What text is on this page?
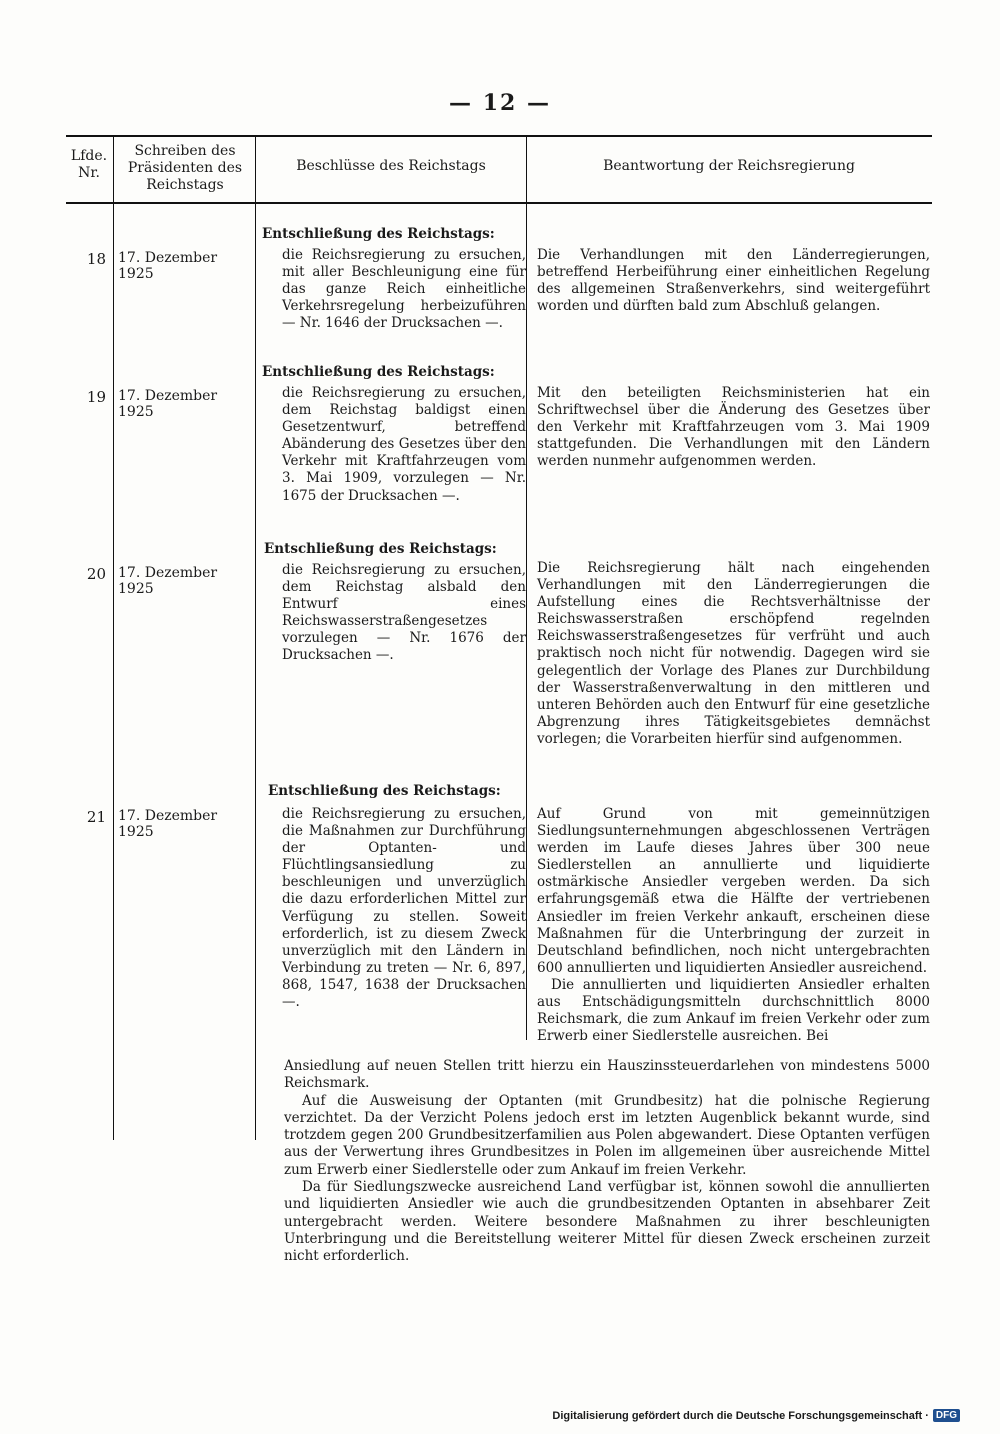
— 12 —
Lfde. Nr.
Schreiben des Präsidenten des Reichstags
Beschlüsse des Reichstags	Beantwortung der Reichsregierung
Entschließung des Reichstags:
18 17. Dezember 1925
die Reichsregierung zu ersuchen, mit aller Beschleunigung eine für das ganze Reich einheitliche Verkehrsregelung herbeizuführen — Nr. 1646 der Drucksachen —.
Die Verhandlungen mit den Länderregierungen, betreffend Herbeiführung einer einheitlichen Regelung des allgemeinen Straßenverkehrs, sind weitergeführt worden und dürften bald zum Abschluß gelangen.
Entschließung des Reichstags:
19 17. Dezember 1925
die Reichsregierung zu ersuchen, dem Reichstag baldigst einen Gesetzentwurf, betreffend Abänderung des Gesetzes über den Verkehr mit Kraftfahrzeugen vom 3. Mai 1909, vorzulegen — Nr. 1675 der Drucksachen —.
Mit den beteiligten Reichsministerien hat ein Schriftwechsel über die Änderung des Gesetzes über den Verkehr mit Kraftfahrzeugen vom 3. Mai 1909 stattgefunden. Die Verhandlungen mit den Ländern werden nunmehr aufgenommen werden.
Entschließung des Reichstags:
20 17. Dezember 1925
die Reichsregierung zu ersuchen, dem Reichstag alsbald den Entwurf eines Reichswasserstraßengesetzes vorzulegen — Nr. 1676 der Drucksachen —.
Die Reichsregierung hält nach eingehenden Verhandlungen mit den Länderregierungen die Aufstellung eines die Rechtsverhältnisse der Reichswasserstraßen erschöpfend regelnden Reichswasserstraßengesetzes für verfrüht und auch praktisch noch nicht für notwendig. Dagegen wird sie gelegentlich der Vorlage des Planes zur Durchbildung der Wasserstraßenverwaltung in den mittleren und unteren Behörden auch den Entwurf für eine gesetzliche Abgrenzung ihres Tätigkeitsgebietes demnächst vorlegen; die Vorarbeiten hierfür sind aufgenommen.
Entschließung des Reichstags:
21 17. Dezember 1925
die Reichsregierung zu ersuchen, die Maßnahmen zur Durchführung der Optanten- und Flüchtlingsansiedlung zu beschleunigen und unverzüglich die dazu erforderlichen Mittel zur Verfügung zu stellen. Soweit erforderlich, ist zu diesem Zweck unverzüglich mit den Ländern in Verbindung zu treten — Nr. 6, 897, 868, 1547, 1638 der Drucksachen —.

Auf Grund von mit gemeinnützigen Siedlungsunternehmungen abgeschlossenen Verträgen werden im Laufe dieses Jahres über 300 neue Siedlerstellen an annullierte und liquidierte ostmärkische Ansiedler vergeben werden. Da sich erfahrungsgemäß etwa die Hälfte der vertriebenen Ansiedler im freien Verkehr ankauft, erscheinen diese Maßnahmen für die Unterbringung der zurzeit in Deutschland befindlichen, noch nicht untergebrachten 600 annullierten und liquidierten Ansiedler ausreichend.

Die annullierten und liquidierten Ansiedler erhalten aus Entschädigungsmitteln durchschnittlich 8000 Reichsmark, die zum Ankauf im freien Verkehr oder zum Erwerb einer Siedlerstelle ausreichen. Bei

Ansiedlung auf neuen Stellen tritt hierzu ein Hauszinssteuerdarlehen von mindestens 5000 Reichsmark.

Auf die Ausweisung der Optanten (mit Grundbesitz) hat die polnische Regierung verzichtet. Da der Verzicht Polens jedoch erst im letzten Augenblick bekannt wurde, sind trotzdem gegen 200 Grundbesitzerfamilien aus Polen abgewandert. Diese Optanten verfügen aus der Verwertung ihres Grundbesitzes in Polen im allgemeinen über ausreichende Mittel zum Erwerb einer Siedlerstelle oder zum Ankauf im freien Verkehr.

Da für Siedlungszwecke ausreichend Land verfügbar ist, können sowohl die annullierten und liquidierten Ansiedler wie auch die grundbesitzenden Optanten in absehbarer Zeit untergebracht werden. Weitere besondere Maßnahmen zu ihrer beschleunigten Unterbringung und die Bereitstellung weiterer Mittel für diesen Zweck erscheinen zurzeit nicht erforderlich.

Digitalisierung gefördert durch die Deutsche Forschungsgemeinschaft · DFG
